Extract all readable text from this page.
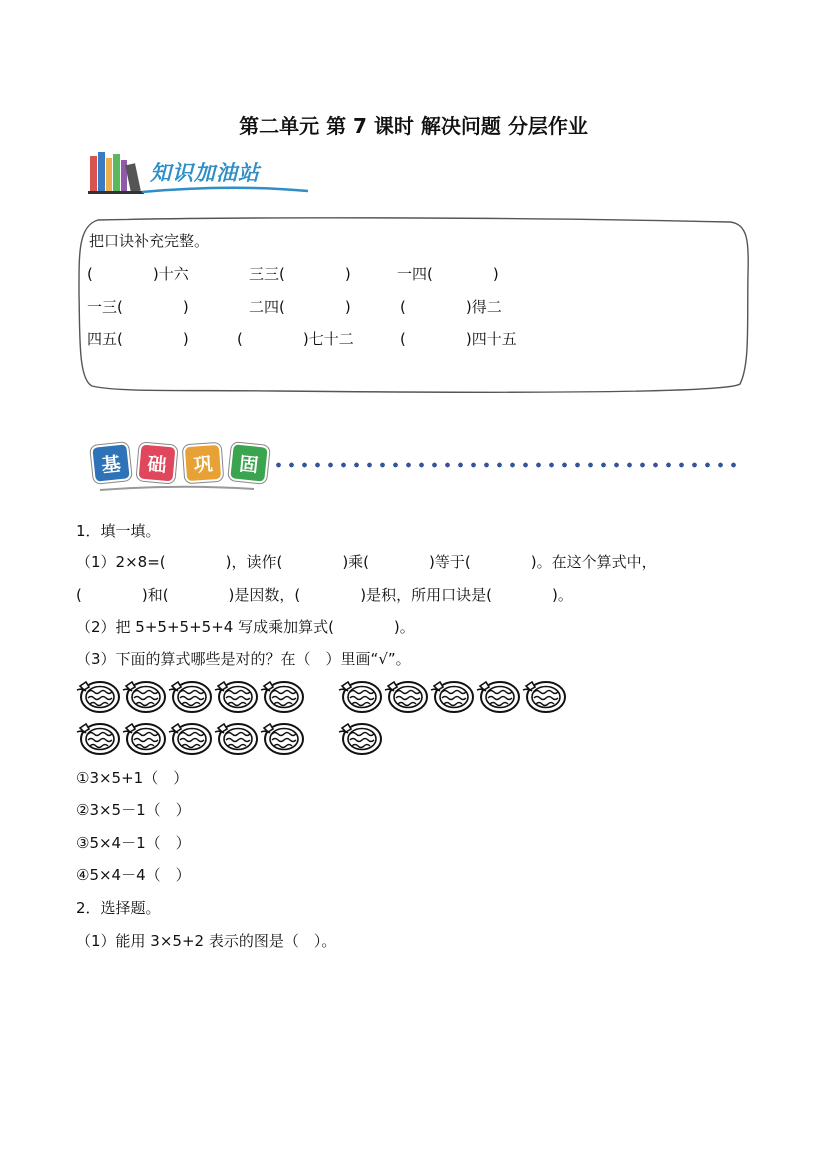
第二单元 第 7 课时 解决问题 分层作业
知识加油站
把口诀补充完整。
(　　　　)十六	三三(　　　　)	一四(　　　　)
一三(　　　　)	二四(　　　　)	(　　　　)得二
四五(　　　　)	(　　　　)七十二	(　　　　)四十五
基	础	巩	固
1．填一填。
（1）2×8=(　　　　)，读作(　　　　)乘(　　　　)等于(　　　　)。在这个算式中，
(　　　　)和(　　　　)是因数，(　　　　)是积，所用口诀是(　　　　)。
（2）把 5+5+5+5+4 写成乘加算式(　　　　)。
（3）下面的算式哪些是对的？在（　）里画“√”。
①3×5+1（　）
②3×5－1（　）
③5×4－1（　）
④5×4－4（　）
2．选择题。
（1）能用 3×5+2 表示的图是（　）。
